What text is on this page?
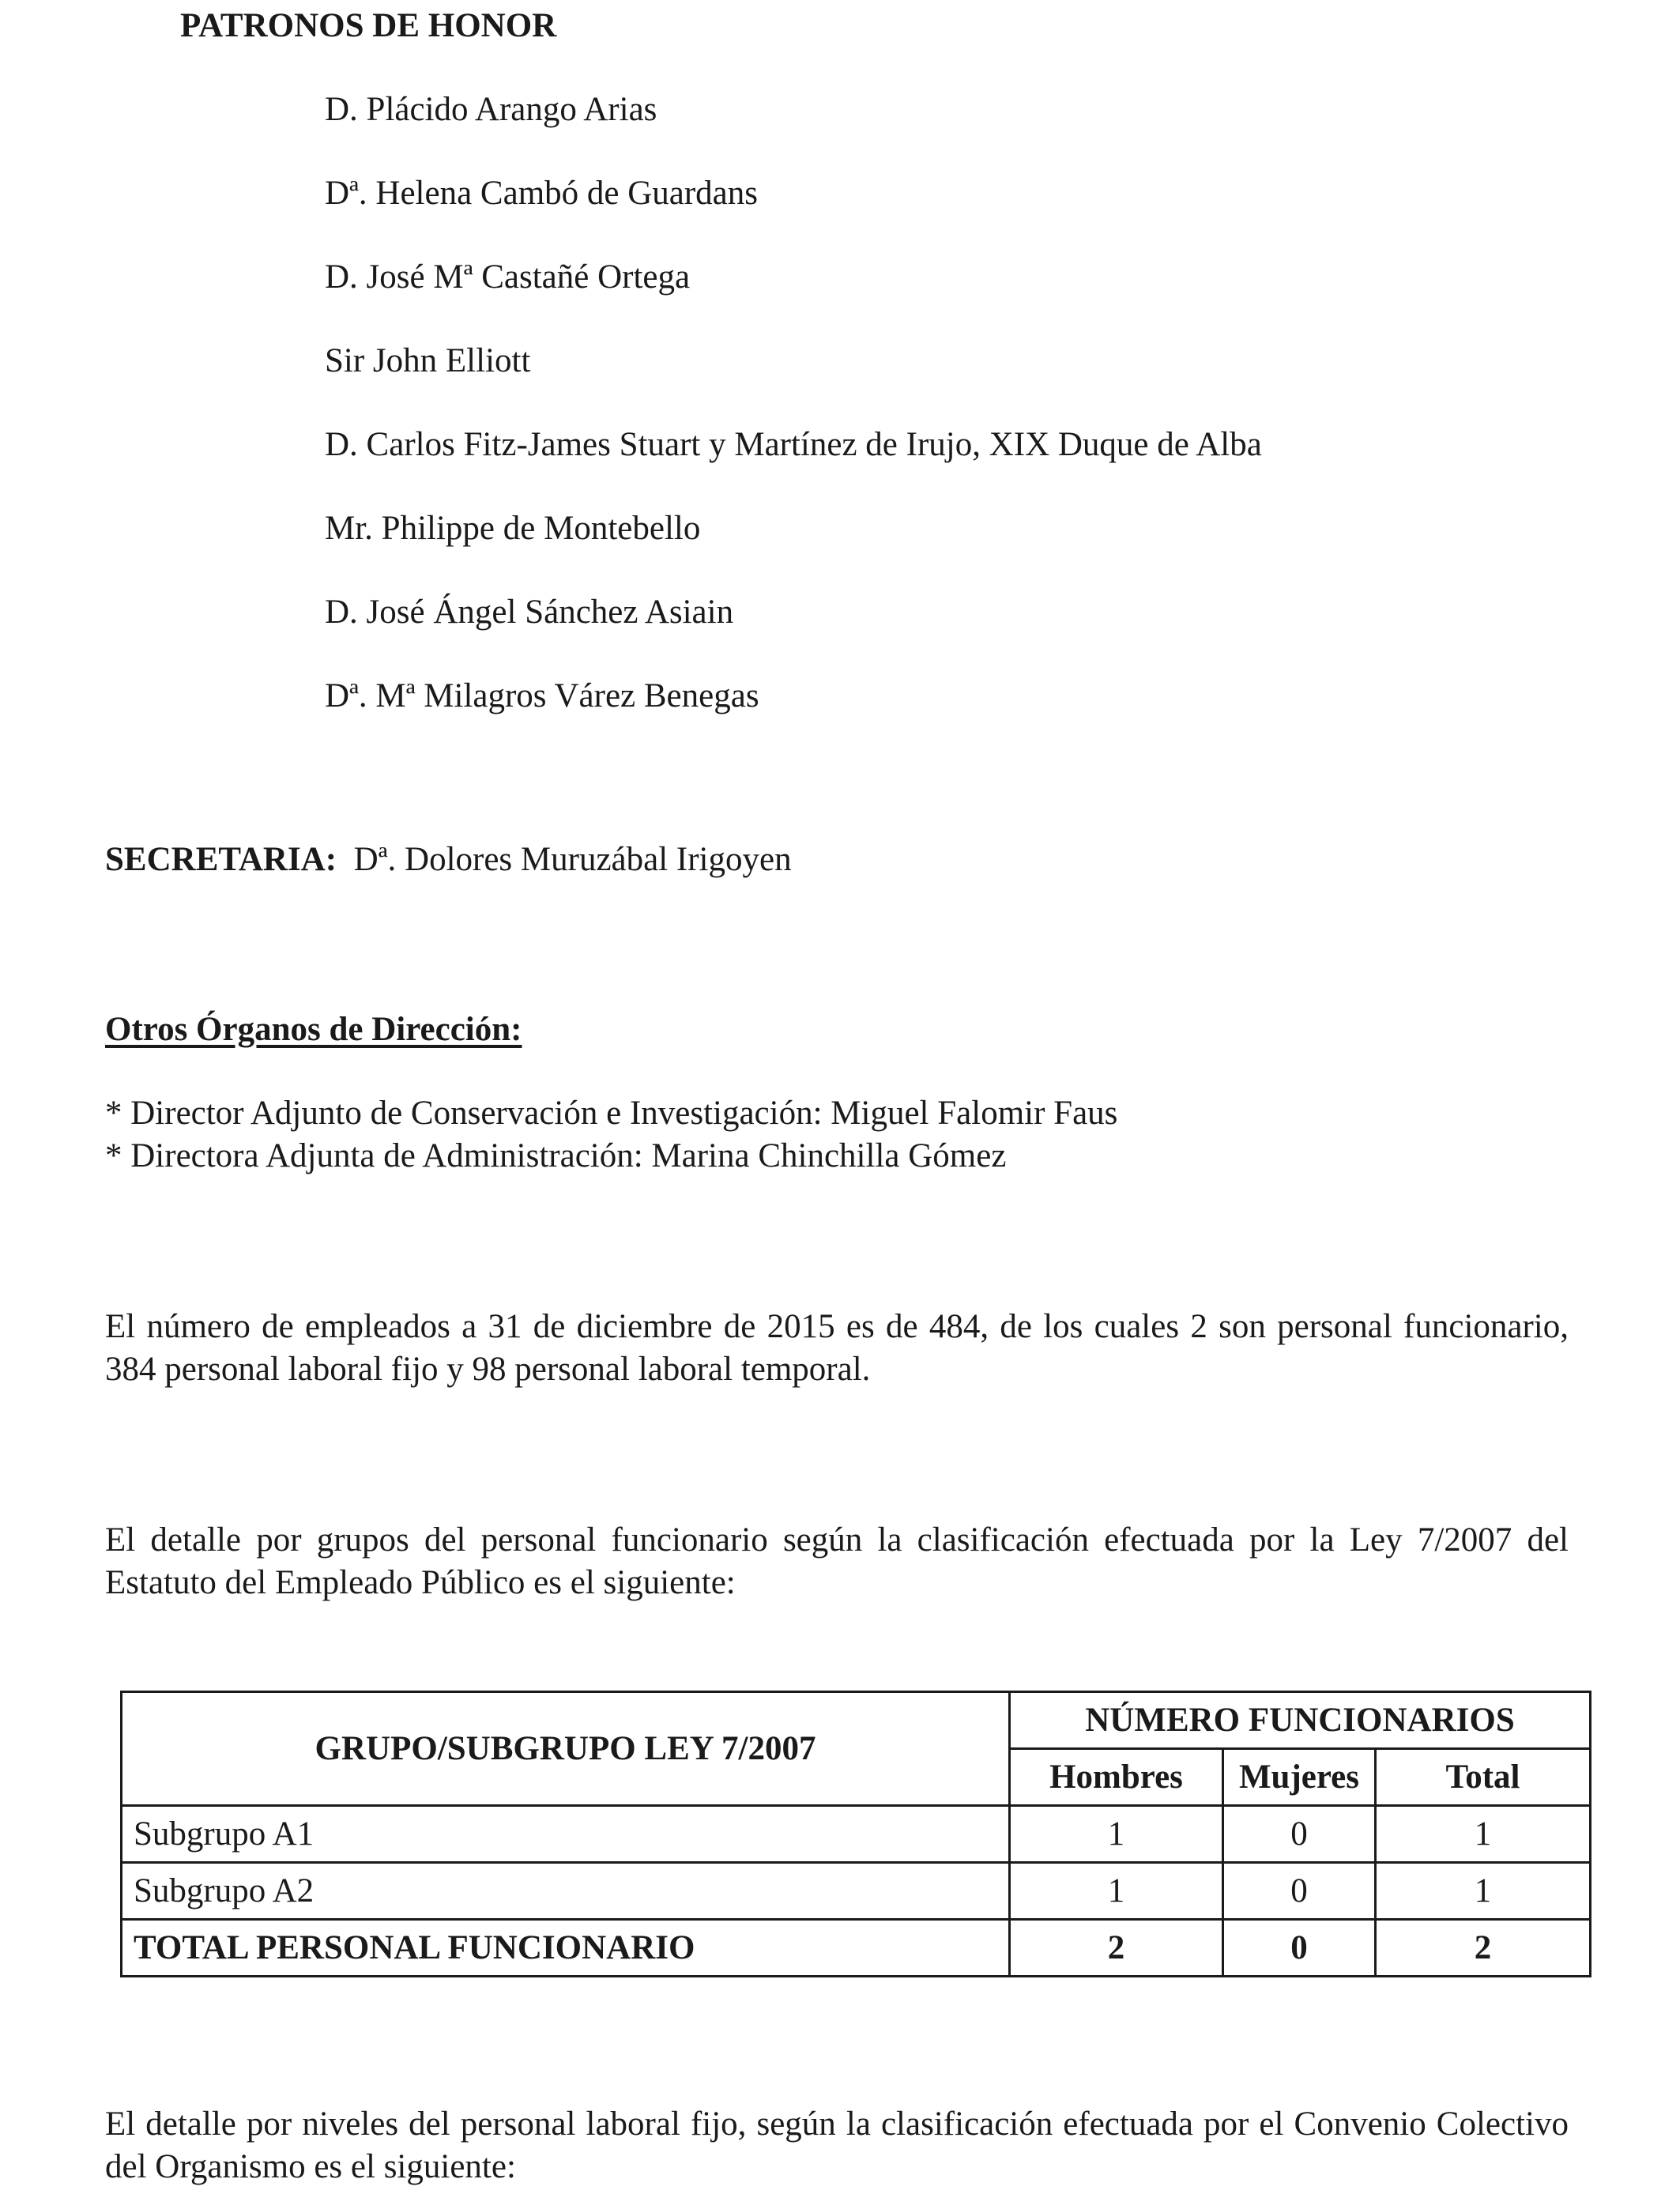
PATRONOS DE HONOR
D. Plácido Arango Arias
Dª. Helena Cambó de Guardans
D. José Mª Castañé Ortega
Sir John Elliott
D. Carlos Fitz-James Stuart y Martínez de Irujo, XIX Duque de Alba
Mr. Philippe de Montebello
D. José Ángel Sánchez Asiain
Dª. Mª Milagros Várez Benegas
SECRETARIA: Dª. Dolores Muruzábal Irigoyen
Otros Órganos de Dirección:
* Director Adjunto de Conservación e Investigación: Miguel Falomir Faus
* Directora Adjunta de Administración: Marina Chinchilla Gómez
El número de empleados a 31 de diciembre de 2015 es de 484, de los cuales 2 son personal funcionario, 384 personal laboral fijo y 98 personal laboral temporal.
El detalle por grupos del personal funcionario según la clasificación efectuada por la Ley 7/2007 del Estatuto del Empleado Público es el siguiente:
GRUPO/SUBGRUPO LEY 7/2007	NÚMERO FUNCIONARIOS		
	Hombres	Mujeres	Total
Subgrupo A1	1	0	1
Subgrupo A2	1	0	1
TOTAL PERSONAL FUNCIONARIO	2	0	2
El detalle por niveles del personal laboral fijo, según la clasificación efectuada por el Convenio Colectivo del Organismo es el siguiente:
